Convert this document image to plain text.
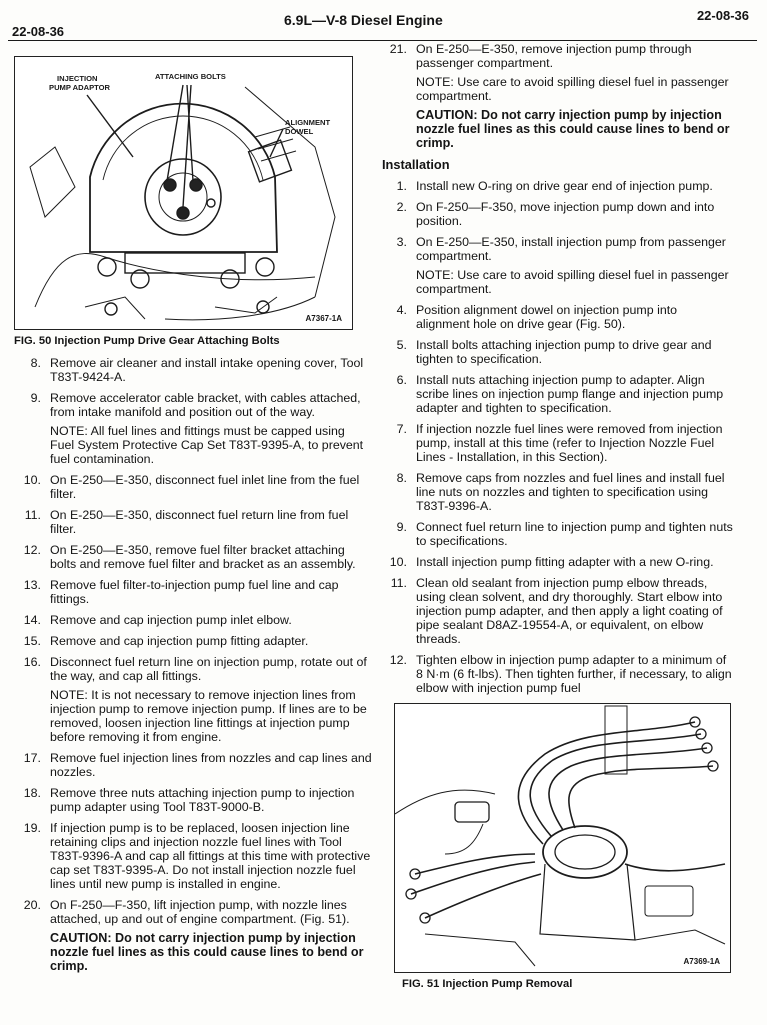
22-08-36
6.9L—V-8 Diesel Engine	22-08-36
INJECTION
PUMP ADAPTOR
ATTACHING BOLTS
ALIGNMENT
DOWEL
A7367-1A
FIG. 50 Injection Pump Drive Gear Attaching Bolts
8. Remove air cleaner and install intake opening cover, Tool T83T-9424-A.
9. Remove accelerator cable bracket, with cables attached, from intake manifold and position out of the way.
NOTE: All fuel lines and fittings must be capped using Fuel System Protective Cap Set T83T-9395-A, to prevent fuel contamination.
10. On E-250—E-350, disconnect fuel inlet line from the fuel filter.
11. On E-250—E-350, disconnect fuel return line from fuel filter.
12. On E-250—E-350, remove fuel filter bracket attaching bolts and remove fuel filter and bracket as an assembly.
13. Remove fuel filter-to-injection pump fuel line and cap fittings.
14. Remove and cap injection pump inlet elbow.
15. Remove and cap injection pump fitting adapter.
16. Disconnect fuel return line on injection pump, rotate out of the way, and cap all fittings.
NOTE: It is not necessary to remove injection lines from injection pump to remove injection pump. If lines are to be removed, loosen injection line fittings at injection pump before removing it from engine.
17. Remove fuel injection lines from nozzles and cap lines and nozzles.
18. Remove three nuts attaching injection pump to injection pump adapter using Tool T83T-9000-B.
19. If injection pump is to be replaced, loosen injection line retaining clips and injection nozzle fuel lines with Tool T83T-9396-A and cap all fittings at this time with protective cap set T83T-9395-A. Do not install injection nozzle fuel lines until new pump is installed in engine.
20. On F-250—F-350, lift injection pump, with nozzle lines attached, up and out of engine compartment. (Fig. 51).
CAUTION: Do not carry injection pump by injection nozzle fuel lines as this could cause lines to bend or crimp.
21. On E-250—E-350, remove injection pump through passenger compartment.
NOTE: Use care to avoid spilling diesel fuel in passenger compartment.
CAUTION: Do not carry injection pump by injection nozzle fuel lines as this could cause lines to bend or crimp.
Installation
1. Install new O-ring on drive gear end of injection pump.
2. On F-250—F-350, move injection pump down and into position.
3. On E-250—E-350, install injection pump from passenger compartment.
NOTE: Use care to avoid spilling diesel fuel in passenger compartment.
4. Position alignment dowel on injection pump into alignment hole on drive gear (Fig. 50).
5. Install bolts attaching injection pump to drive gear and tighten to specification.
6. Install nuts attaching injection pump to adapter. Align scribe lines on injection pump flange and injection pump adapter and tighten to specification.
7. If injection nozzle fuel lines were removed from injection pump, install at this time (refer to Injection Nozzle Fuel Lines - Installation, in this Section).
8. Remove caps from nozzles and fuel lines and install fuel line nuts on nozzles and tighten to specification using T83T-9396-A.
9. Connect fuel return line to injection pump and tighten nuts to specifications.
10. Install injection pump fitting adapter with a new O-ring.
11. Clean old sealant from injection pump elbow threads, using clean solvent, and dry thoroughly. Start elbow into injection pump adapter, and then apply a light coating of pipe sealant D8AZ-19554-A, or equivalent, on elbow threads.
12. Tighten elbow in injection pump adapter to a minimum of 8 N·m (6 ft-lbs). Then tighten further, if necessary, to align elbow with injection pump fuel
A7369-1A
FIG. 51 Injection Pump Removal
